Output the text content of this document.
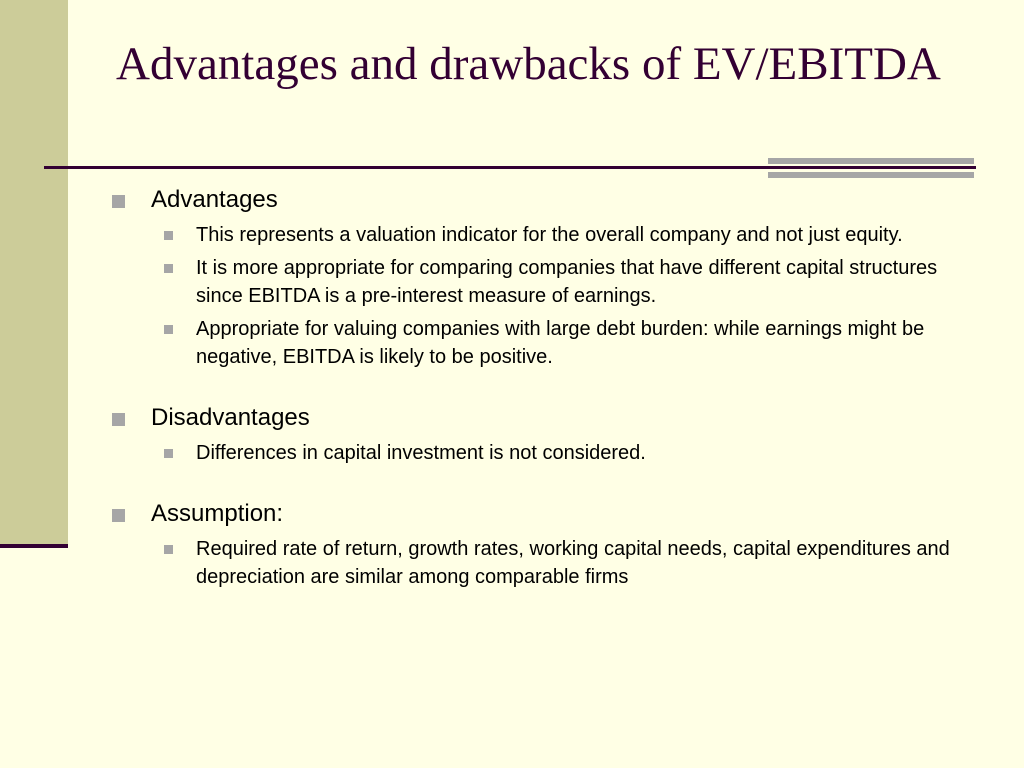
Advantages and drawbacks of EV/EBITDA
Advantages
This represents a valuation indicator for the overall company and not just equity.
It is more appropriate for comparing companies that have different capital structures since EBITDA is a pre-interest measure of earnings.
Appropriate for valuing companies with large debt burden: while earnings might be negative, EBITDA is likely to be positive.
Disadvantages
Differences in capital investment is not considered.
Assumption:
Required rate of return, growth rates, working capital needs, capital expenditures and depreciation are similar among comparable firms
